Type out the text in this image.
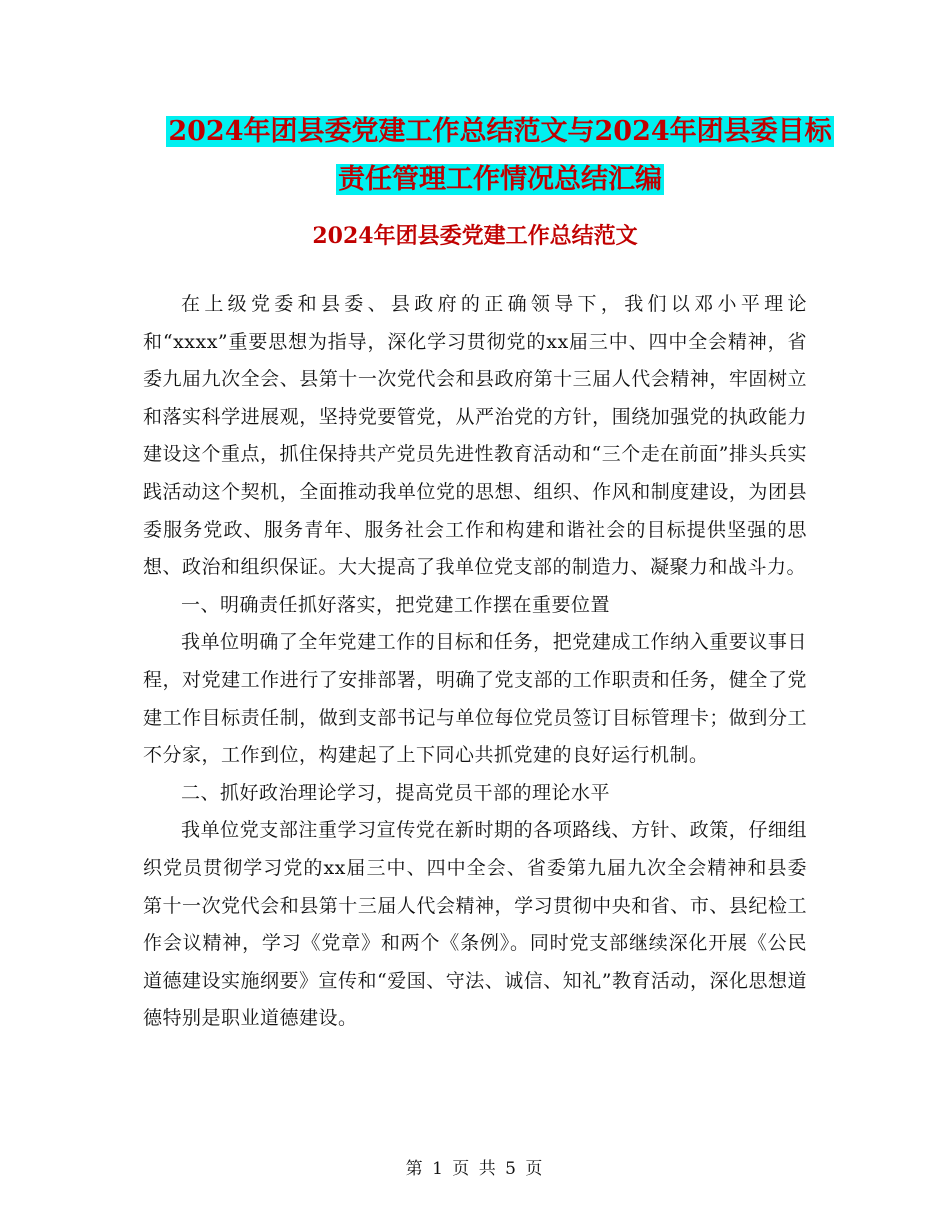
2024年团县委党建工作总结范文与2024年团县委目标
责任管理工作情况总结汇编
2024年团县委党建工作总结范文

在上级党委和县委、县政府的正确领导下，我们以邓小平理论和“xxxx”重要思想为指导，深化学习贯彻党的xx届三中、四中全会精神，省委九届九次全会、县第十一次党代会和县政府第十三届人代会精神，牢固树立和落实科学进展观，坚持党要管党，从严治党的方针，围绕加强党的执政能力建设这个重点，抓住保持共产党员先进性教育活动和“三个走在前面”排头兵实践活动这个契机，全面推动我单位党的思想、组织、作风和制度建设，为团县委服务党政、服务青年、服务社会工作和构建和谐社会的目标提供坚强的思想、政治和组织保证。大大提高了我单位党支部的制造力、凝聚力和战斗力。

一、明确责任抓好落实，把党建工作摆在重要位置

我单位明确了全年党建工作的目标和任务，把党建成工作纳入重要议事日程，对党建工作进行了安排部署，明确了党支部的工作职责和任务，健全了党建工作目标责任制，做到支部书记与单位每位党员签订目标管理卡；做到分工不分家，工作到位，构建起了上下同心共抓党建的良好运行机制。

二、抓好政治理论学习，提高党员干部的理论水平

我单位党支部注重学习宣传党在新时期的各项路线、方针、政策，仔细组织党员贯彻学习党的xx届三中、四中全会、省委第九届九次全会精神和县委第十一次党代会和县第十三届人代会精神，学习贯彻中央和省、市、县纪检工作会议精神，学习《党章》和两个《条例》。同时党支部继续深化开展《公民道德建设实施纲要》宣传和“爱国、守法、诚信、知礼”教育活动，深化思想道德特别是职业道德建设。

第 1 页 共 5 页
